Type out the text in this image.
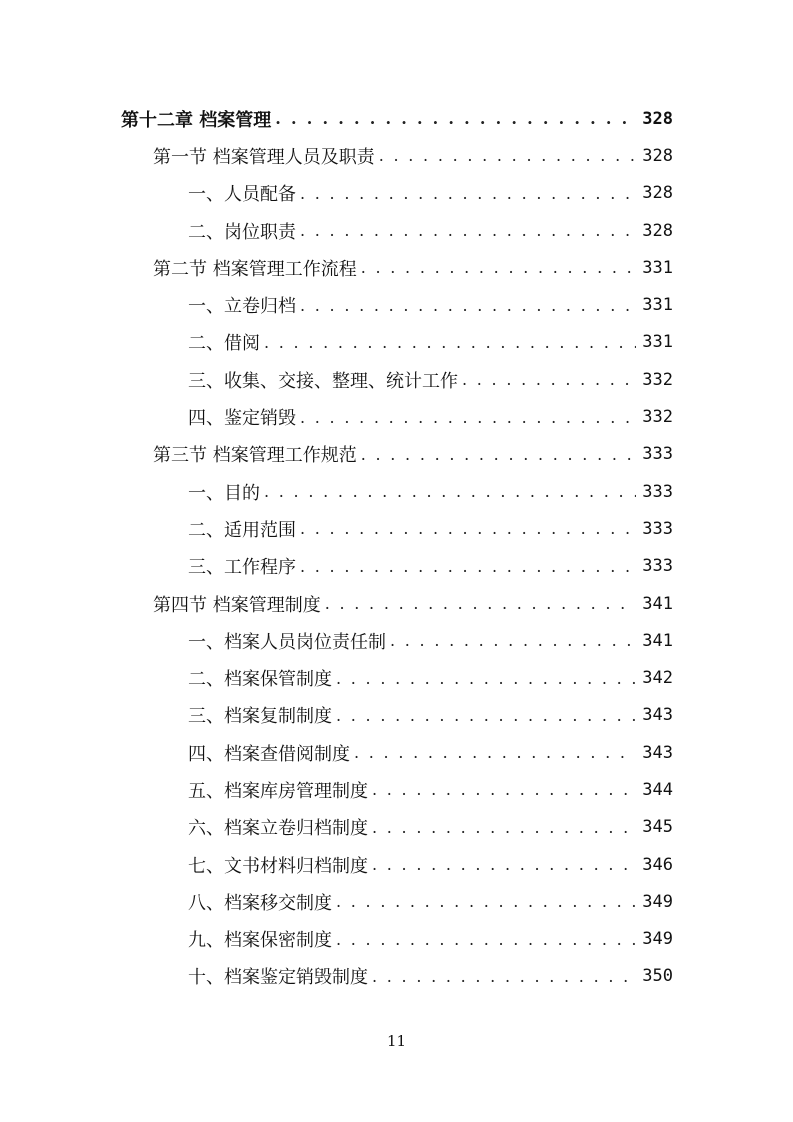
第十二章 档案管理 . . .	328
第一节 档案管理人员及职责 . . .	328
一、人员配备 . . .	328
二、岗位职责 . . .	328
第二节 档案管理工作流程 . . .	331
一、立卷归档 . . .	331
二、借阅 . . .	331
三、收集、交接、整理、统计工作 . . .	332
四、鉴定销毁 . . .	332
第三节 档案管理工作规范 . . .	333
一、目的 . . .	333
二、适用范围 . . .	333
三、工作程序 . . .	333
第四节 档案管理制度 . . .	341
一、档案人员岗位责任制 . . .	341
二、档案保管制度 . . .	342
三、档案复制制度 . . .	343
四、档案查借阅制度 . . .	343
五、档案库房管理制度 . . .	344
六、档案立卷归档制度 . . .	345
七、文书材料归档制度 . . .	346
八、档案移交制度 . . .	349
九、档案保密制度 . . .	349
十、档案鉴定销毁制度 . . .	350
11
